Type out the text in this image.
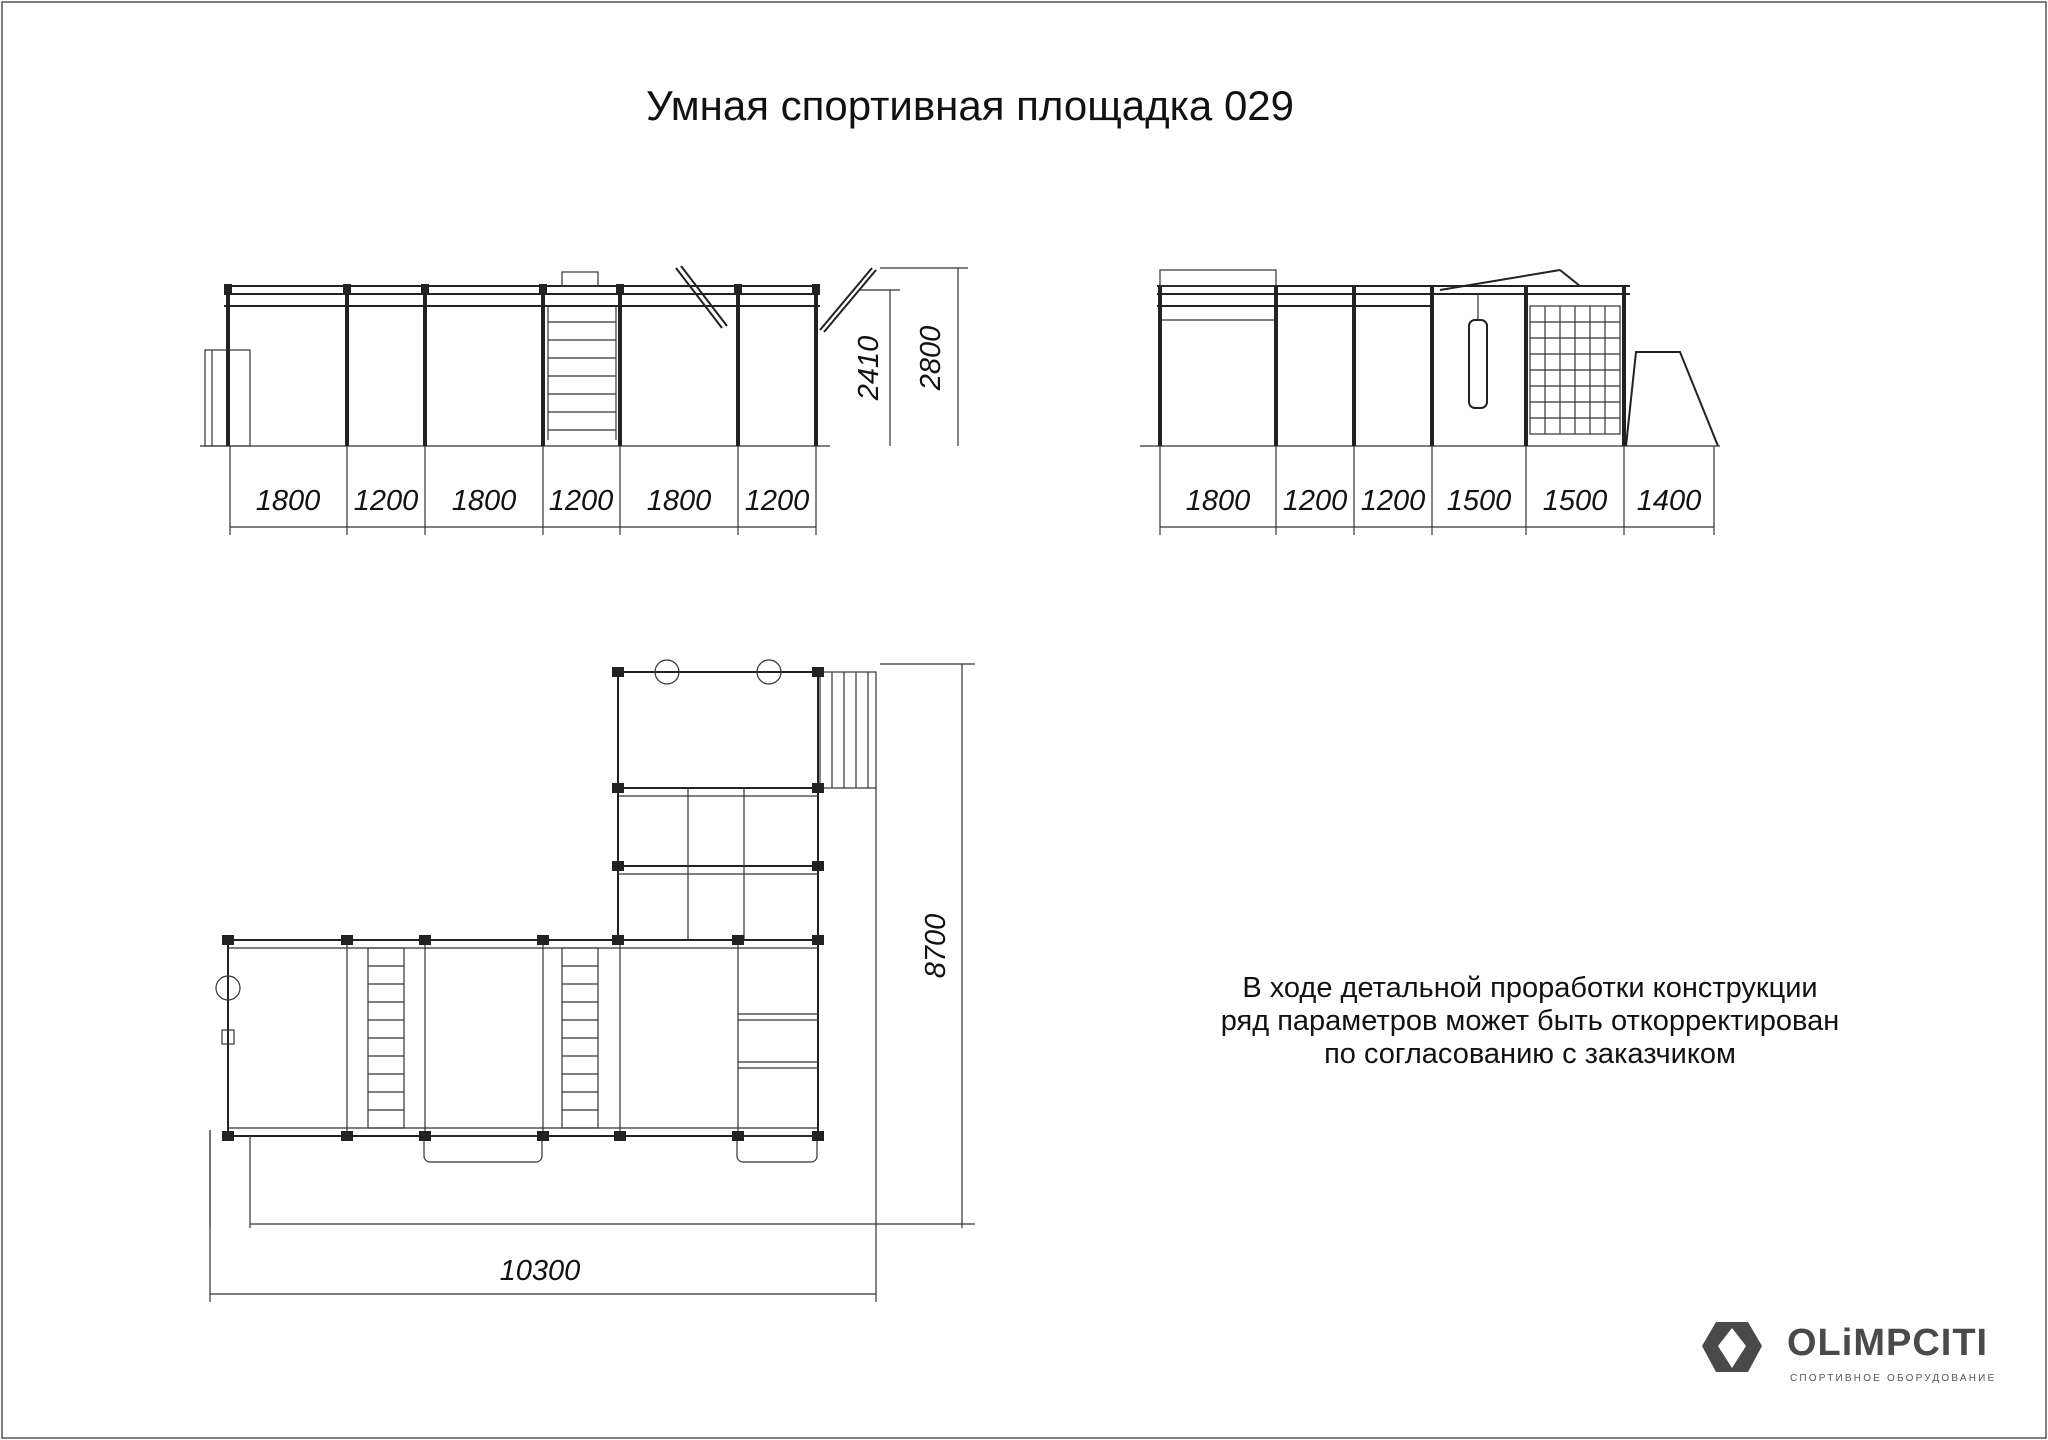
1800 1200 1800 1200 1800 1200
2410 2800
1800 1200 1200 1500 1500 1400
10300
8700
Умная спортивная площадка 029
В ходе детальной проработки конструкции
ряд параметров может быть откорректирован
по согласованию с заказчиком
OLiMPCITI
СПОРТИВНОЕ ОБОРУДОВАНИЕ
